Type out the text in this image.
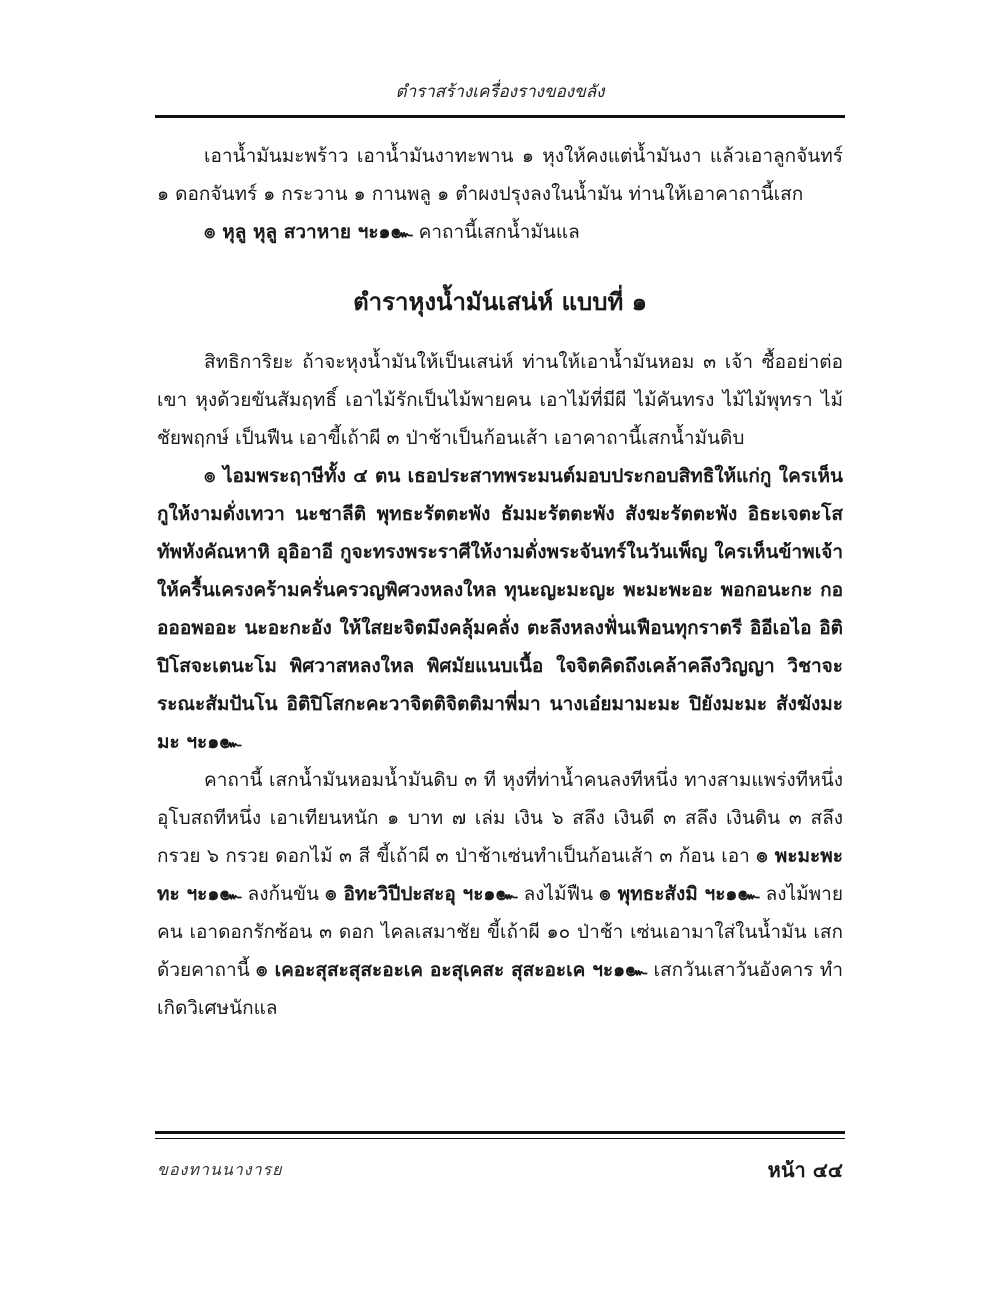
ตำราสร้างเครื่องรางของขลัง

เอาน้ำมันมะพร้าว เอาน้ำมันงาทะพาน ๑ หุงให้คงแต่น้ำมันงา แล้วเอาลูกจันทร์ ๑ ดอกจันทร์ ๑ กระวาน ๑ กานพลู ๑ ตำผงปรุงลงในน้ำมัน ท่านให้เอาคาถานี้เสก

๏ หุลู หุลู สวาหาย ฯะ๑๛ คาถานี้เสกน้ำมันแล

ตำราหุงน้ำมันเสน่ห์ แบบที่ ๑

สิทธิการิยะ ถ้าจะหุงน้ำมันให้เป็นเสน่ห์ ท่านให้เอาน้ำมันหอม ๓ เจ้า ซื้ออย่าต่อเขา หุงด้วยขันสัมฤทธิ์ เอาไม้รักเป็นไม้พายคน เอาไม้ที่มีผี ไม้คันทรง ไม้ไม้พุทรา ไม้ชัยพฤกษ์ เป็นฟืน เอาขี้เถ้าผี ๓ ป่าช้าเป็นก้อนเส้า เอาคาถานี้เสกน้ำมันดิบ

๏ ไอมพระฤาษีทั้ง ๔ ตน เธอประสาทพระมนต์มอบประกอบสิทธิให้แก่กู ใครเห็นกูให้งามดั่งเทวา นะชาลีติ พุทธะรัตตะพัง ธัมมะรัตตะพัง สังฆะรัตตะพัง อิธะเจตะโสทัพหังคัณหาหิ อุอิอาอี กูจะทรงพระราศีให้งามดั่งพระจันทร์ในวันเพ็ญ ใครเห็นข้าพเจ้าให้ครื้นเครงคร้ามครั่นครวญพิศวงหลงใหล ทุนะญะมะญะ พะมะพะอะ พอกอนะกะ กออออพออะ นะอะกะอัง ให้ใสยะจิตมึงคลุ้มคลั่ง ตะลึงหลงฟั่นเฟือนทุกราตรี อิอีเอไอ อิติปิโสจะเตนะโม พิศวาสหลงใหล พิศมัยแนบเนื้อ ใจจิตคิดถึงเคล้าคลึงวิญญา วิชาจะระณะสัมปันโน อิติปิโสกะคะวาจิตติจิตติมาพี่มา นางเอ๋ยมามะมะ ปิยังมะมะ สังฆังมะมะ ฯะ๑๛

คาถานี้ เสกน้ำมันหอมน้ำมันดิบ ๓ ที หุงที่ท่าน้ำคนลงทีหนึ่ง ทางสามแพร่งทีหนึ่ง อุโบสถทีหนึ่ง เอาเทียนหนัก ๑ บาท ๗ เล่ม เงิน ๖ สลึง เงินดี ๓ สลึง เงินดิน ๓ สลึง กรวย ๖ กรวย ดอกไม้ ๓ สี ขี้เถ้าผี ๓ ป่าช้าเซ่นทำเป็นก้อนเส้า ๓ ก้อน เอา ๏ พะมะพะทะ ฯะ๑๛ ลงก้นขัน ๏ อิทะวิปีปะสะอุ ฯะ๑๛ ลงไม้ฟืน ๏ พุทธะสังมิ ฯะ๑๛ ลงไม้พายคน เอาดอกรักซ้อน ๓ ดอก ไคลเสมาชัย ขี้เถ้าผี ๑๐ ป่าช้า เซ่นเอามาใส่ในน้ำมัน เสกด้วยคาถานี้ ๏ เคอะสุสะสุสะอะเค อะสุเคสะ สุสะอะเค ฯะ๑๛ เสกวันเสาวันอังคาร ทำเกิดวิเศษนักแล

ของทานนางารย	หน้า ๔๔
